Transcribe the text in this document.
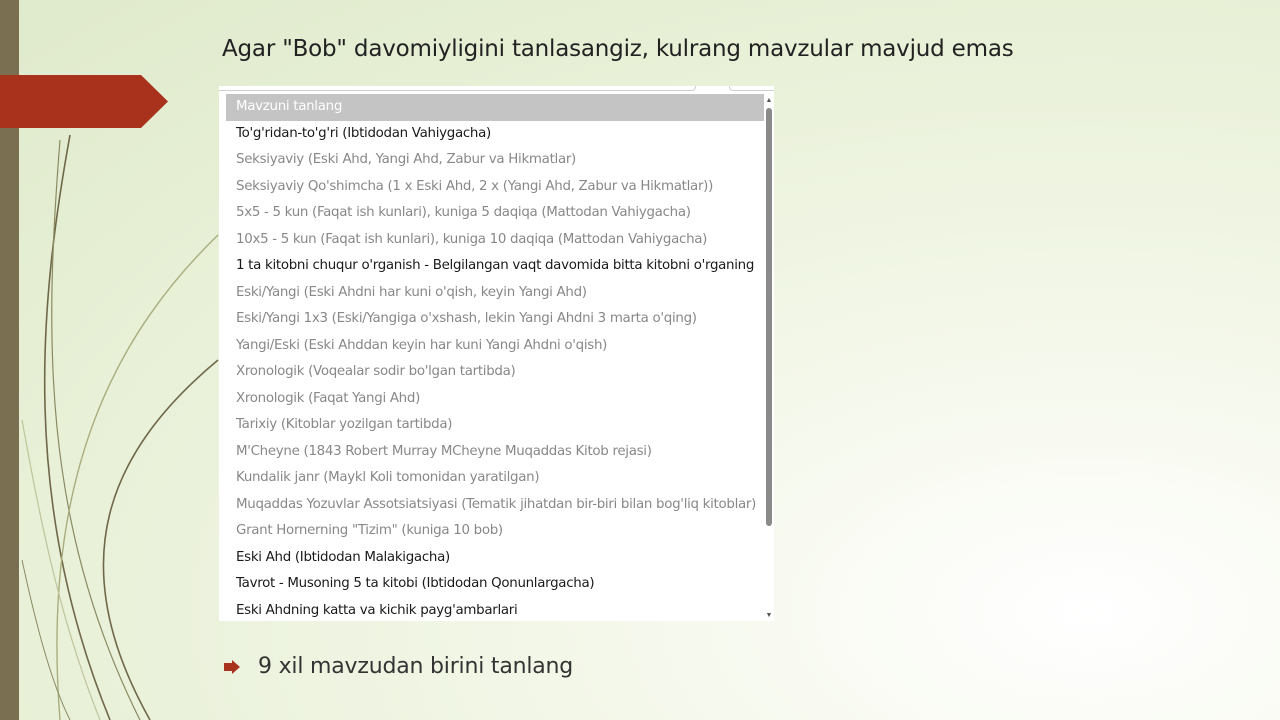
Agar "Bob" davomiyligini tanlasangiz, kulrang mavzular mavjud emas
Mavzuni tanlang
To'g'ridan-to'g'ri (Ibtidodan Vahiygacha)
Seksiyaviy (Eski Ahd, Yangi Ahd, Zabur va Hikmatlar)
Seksiyaviy Qo'shimcha (1 x Eski Ahd, 2 x (Yangi Ahd, Zabur va Hikmatlar))
5x5 - 5 kun (Faqat ish kunlari), kuniga 5 daqiqa (Mattodan Vahiygacha)
10x5 - 5 kun (Faqat ish kunlari), kuniga 10 daqiqa (Mattodan Vahiygacha)
1 ta kitobni chuqur o'rganish - Belgilangan vaqt davomida bitta kitobni o'rganing
Eski/Yangi (Eski Ahdni har kuni o'qish, keyin Yangi Ahd)
Eski/Yangi 1x3 (Eski/Yangiga o'xshash, lekin Yangi Ahdni 3 marta o'qing)
Yangi/Eski (Eski Ahddan keyin har kuni Yangi Ahdni o'qish)
Xronologik (Voqealar sodir bo'lgan tartibda)
Xronologik (Faqat Yangi Ahd)
Tarixiy (Kitoblar yozilgan tartibda)
M'Cheyne (1843 Robert Murray MCheyne Muqaddas Kitob rejasi)
Kundalik janr (Maykl Koli tomonidan yaratilgan)
Muqaddas Yozuvlar Assotsiatsiyasi (Tematik jihatdan bir-biri bilan bog'liq kitoblar)
Grant Hornerning "Tizim" (kuniga 10 bob)
Eski Ahd (Ibtidodan Malakigacha)
Tavrot - Musoning 5 ta kitobi (Ibtidodan Qonunlargacha)
Eski Ahdning katta va kichik payg'ambarlari
▲
▼
9 xil mavzudan birini tanlang
